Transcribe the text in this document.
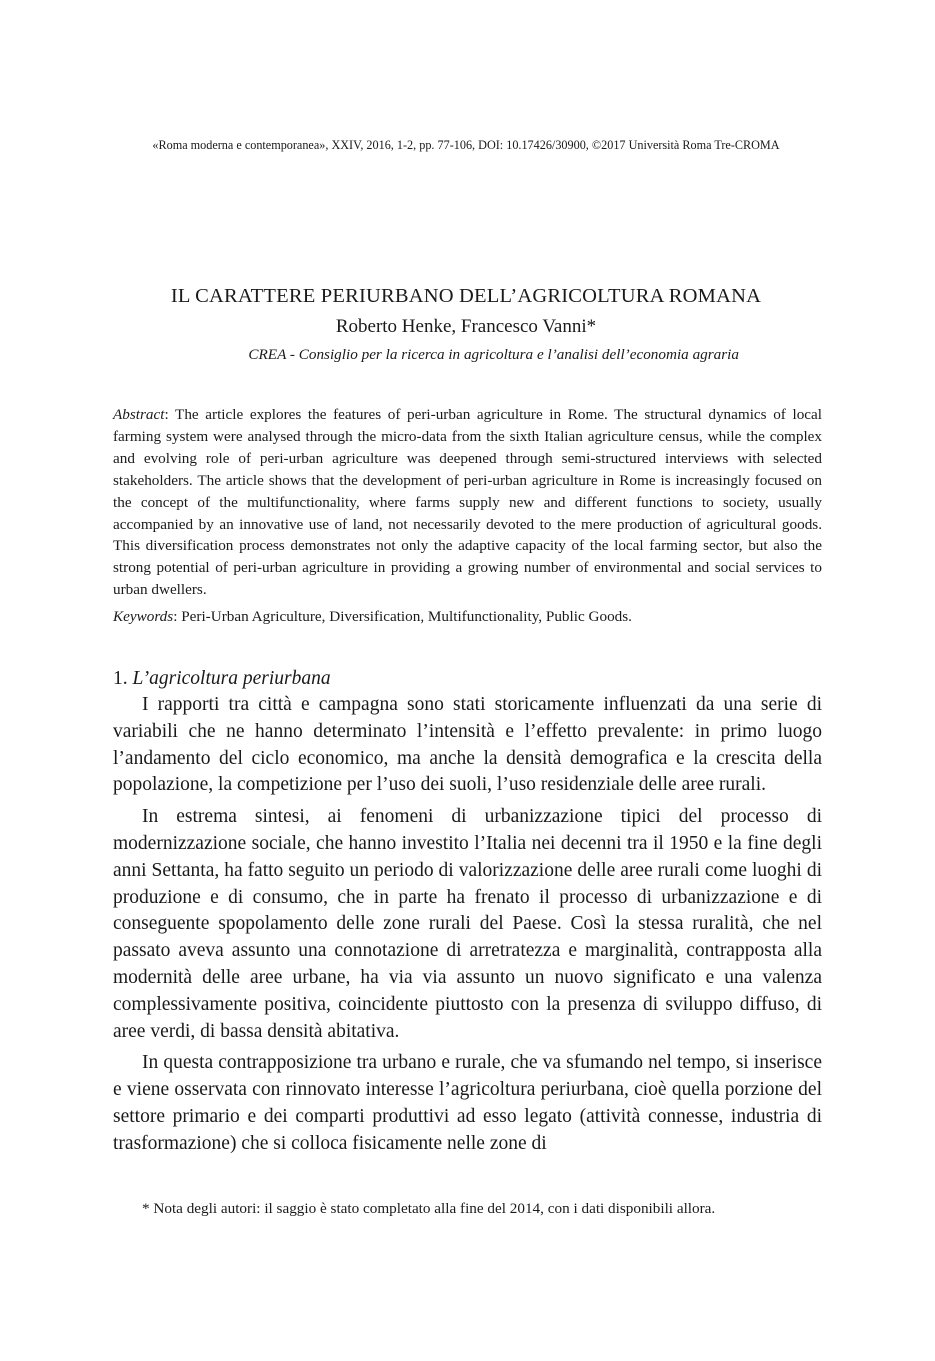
«Roma moderna e contemporanea», XXIV, 2016, 1-2, pp. 77-106, DOI: 10.17426/30900, ©2017 Università Roma Tre-CROMA
IL CARATTERE PERIURBANO DELL’AGRICOLTURA ROMANA
Roberto Henke, Francesco Vanni*
CREA - Consiglio per la ricerca in agricoltura e l’analisi dell’economia agraria
Abstract: The article explores the features of peri-urban agriculture in Rome. The structural dynamics of local farming system were analysed through the micro-data from the sixth Italian agriculture census, while the complex and evolving role of peri-urban agriculture was deepened through semi-structured interviews with selected stakeholders. The article shows that the development of peri-urban agriculture in Rome is increasingly focused on the concept of the multifunctionality, where farms supply new and different functions to society, usually accompanied by an innovative use of land, not necessarily devoted to the mere production of agricultural goods. This diversification process demonstrates not only the adaptive capacity of the local farming sector, but also the strong potential of peri-urban agriculture in providing a growing number of environmental and social services to urban dwellers.
Keywords: Peri-Urban Agriculture, Diversification, Multifunctionality, Public Goods.
1. L’agricoltura periurbana

I rapporti tra città e campagna sono stati storicamente influenzati da una serie di variabili che ne hanno determinato l’intensità e l’effetto prevalente: in primo luogo l’andamento del ciclo economico, ma anche la densità demografica e la crescita della popolazione, la competizione per l’uso dei suoli, l’uso residenziale delle aree rurali.

In estrema sintesi, ai fenomeni di urbanizzazione tipici del processo di modernizzazione sociale, che hanno investito l’Italia nei decenni tra il 1950 e la fine degli anni Settanta, ha fatto seguito un periodo di valorizzazione delle aree rurali come luoghi di produzione e di consumo, che in parte ha frenato il processo di urbanizzazione e di conseguente spopolamento delle zone rurali del Paese. Così la stessa ruralità, che nel passato aveva assunto una connotazione di arretratezza e marginalità, contrapposta alla modernità delle aree urbane, ha via via assunto un nuovo significato e una valenza complessivamente positiva, coincidente piuttosto con la presenza di sviluppo diffuso, di aree verdi, di bassa densità abitativa.

In questa contrapposizione tra urbano e rurale, che va sfumando nel tempo, si inserisce e viene osservata con rinnovato interesse l’agricoltura periurbana, cioè quella porzione del settore primario e dei comparti produttivi ad esso legato (attività connesse, industria di trasformazione) che si colloca fisicamente nelle zone di

* Nota degli autori: il saggio è stato completato alla fine del 2014, con i dati disponibili allora.
